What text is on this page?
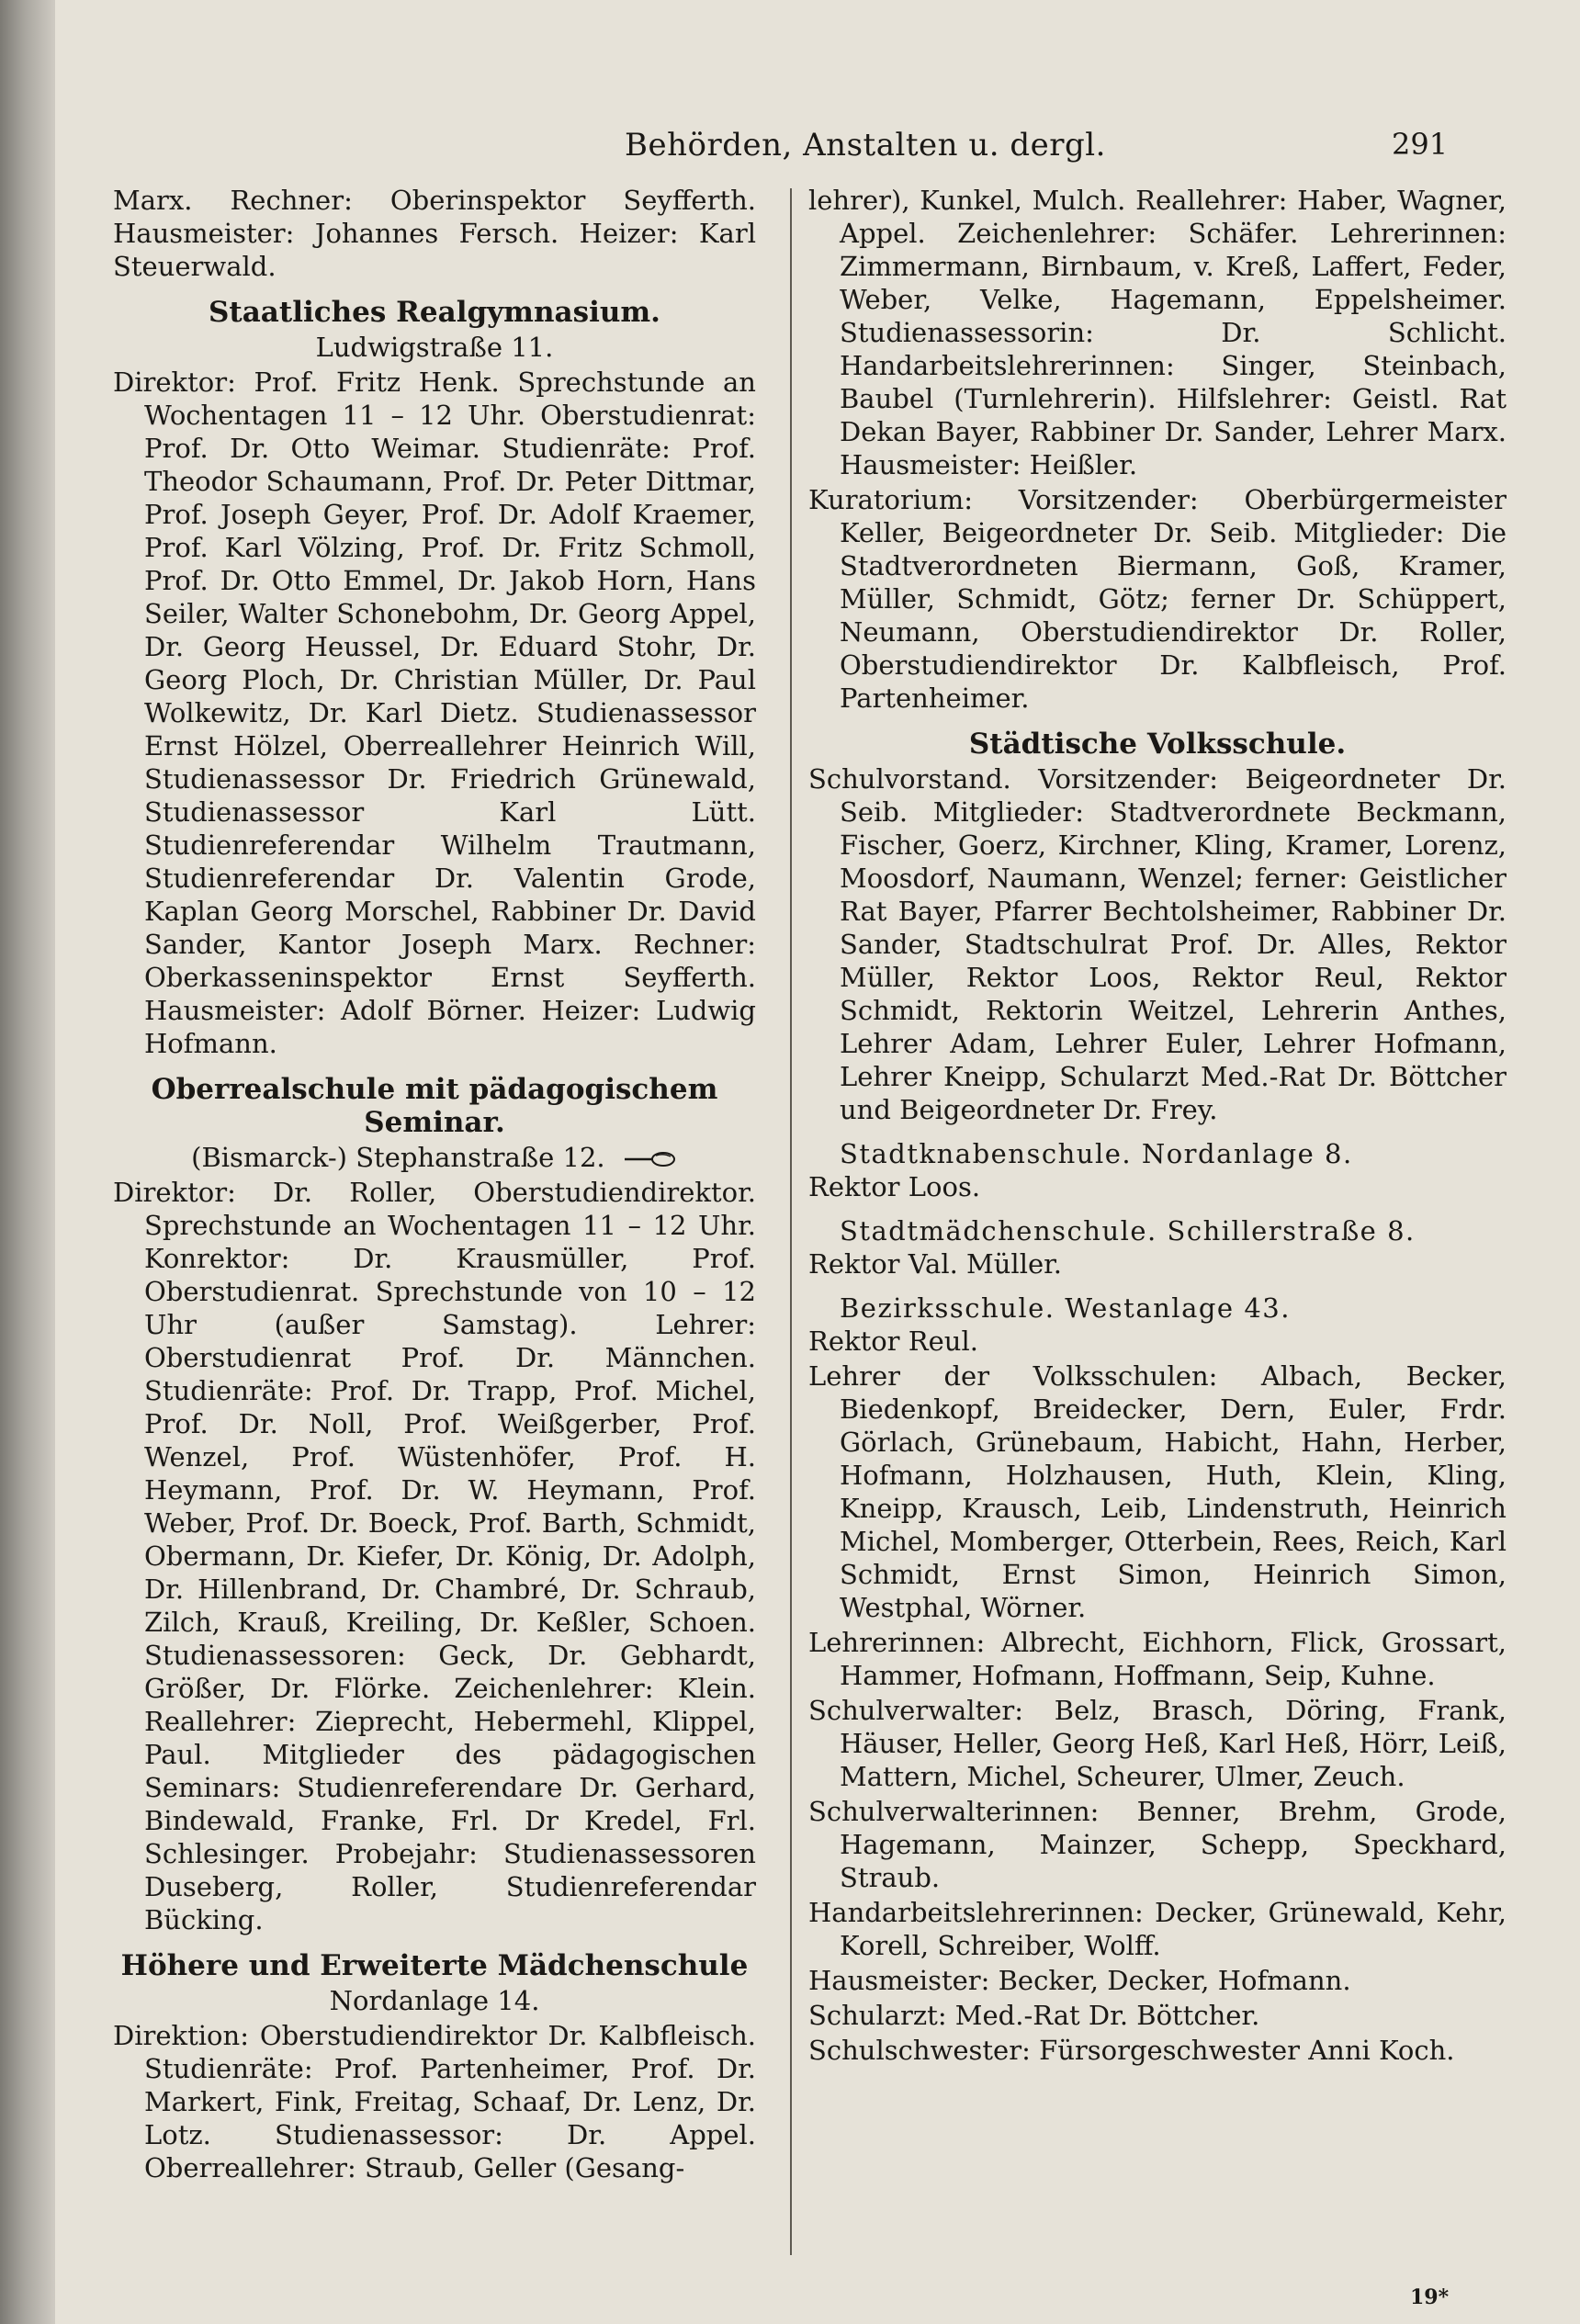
Behörden, Anstalten u. dergl.	291

Marx. Rechner: Oberinspektor Seyfferth. Hausmeister: Johannes Fersch. Heizer: Karl Steuerwald.

Staatliches Realgymnasium.
Ludwigstraße 11.

Direktor: Prof. Fritz Henk. Sprechstunde an Wochentagen 11 – 12 Uhr. Oberstudienrat: Prof. Dr. Otto Weimar. Studienräte: Prof. Theodor Schaumann, Prof. Dr. Peter Dittmar, Prof. Joseph Geyer, Prof. Dr. Adolf Kraemer, Prof. Karl Völzing, Prof. Dr. Fritz Schmoll, Prof. Dr. Otto Emmel, Dr. Jakob Horn, Hans Seiler, Walter Schonebohm, Dr. Georg Appel, Dr. Georg Heussel, Dr. Eduard Stohr, Dr. Georg Ploch, Dr. Christian Müller, Dr. Paul Wolkewitz, Dr. Karl Dietz. Studienassessor Ernst Hölzel, Oberreallehrer Heinrich Will, Studienassessor Dr. Friedrich Grünewald, Studienassessor Karl Lütt. Studienreferendar Wilhelm Trautmann, Studienreferendar Dr. Valentin Grode, Kaplan Georg Morschel, Rabbiner Dr. David Sander, Kantor Joseph Marx. Rechner: Oberkasseninspektor Ernst Seyfferth. Hausmeister: Adolf Börner. Heizer: Ludwig Hofmann.

Oberrealschule mit pädagogischem Seminar.
(Bismarck-) Stephanstraße 12.

Direktor: Dr. Roller, Oberstudiendirektor. Sprechstunde an Wochentagen 11 – 12 Uhr. Konrektor: Dr. Krausmüller, Prof. Oberstudienrat. Sprechstunde von 10 – 12 Uhr (außer Samstag). Lehrer: Oberstudienrat Prof. Dr. Männchen. Studienräte: Prof. Dr. Trapp, Prof. Michel, Prof. Dr. Noll, Prof. Weißgerber, Prof. Wenzel, Prof. Wüstenhöfer, Prof. H. Heymann, Prof. Dr. W. Heymann, Prof. Weber, Prof. Dr. Boeck, Prof. Barth, Schmidt, Obermann, Dr. Kiefer, Dr. König, Dr. Adolph, Dr. Hillenbrand, Dr. Chambré, Dr. Schraub, Zilch, Krauß, Kreiling, Dr. Keßler, Schoen. Studienassessoren: Geck, Dr. Gebhardt, Größer, Dr. Flörke. Zeichenlehrer: Klein. Reallehrer: Zieprecht, Hebermehl, Klippel, Paul. Mitglieder des pädagogischen Seminars: Studienreferendare Dr. Gerhard, Bindewald, Franke, Frl. Dr Kredel, Frl. Schlesinger. Probejahr: Studienassessoren Duseberg, Roller, Studienreferendar Bücking.

Höhere und Erweiterte Mädchenschule
Nordanlage 14.

Direktion: Oberstudiendirektor Dr. Kalbfleisch. Studienräte: Prof. Partenheimer, Prof. Dr. Markert, Fink, Freitag, Schaaf, Dr. Lenz, Dr. Lotz. Studienassessor: Dr. Appel. Oberreallehrer: Straub, Geller (Gesang-

lehrer), Kunkel, Mulch. Reallehrer: Haber, Wagner, Appel. Zeichenlehrer: Schäfer. Lehrerinnen: Zimmermann, Birnbaum, v. Kreß, Laffert, Feder, Weber, Velke, Hagemann, Eppelsheimer. Studienassessorin: Dr. Schlicht. Handarbeitslehrerinnen: Singer, Steinbach, Baubel (Turnlehrerin). Hilfslehrer: Geistl. Rat Dekan Bayer, Rabbiner Dr. Sander, Lehrer Marx. Hausmeister: Heißler.

Kuratorium: Vorsitzender: Oberbürgermeister Keller, Beigeordneter Dr. Seib. Mitglieder: Die Stadtverordneten Biermann, Goß, Kramer, Müller, Schmidt, Götz; ferner Dr. Schüppert, Neumann, Oberstudiendirektor Dr. Roller, Oberstudiendirektor Dr. Kalbfleisch, Prof. Partenheimer.

Städtische Volksschule.

Schulvorstand. Vorsitzender: Beigeordneter Dr. Seib. Mitglieder: Stadtverordnete Beckmann, Fischer, Goerz, Kirchner, Kling, Kramer, Lorenz, Moosdorf, Naumann, Wenzel; ferner: Geistlicher Rat Bayer, Pfarrer Bechtolsheimer, Rabbiner Dr. Sander, Stadtschulrat Prof. Dr. Alles, Rektor Müller, Rektor Loos, Rektor Reul, Rektor Schmidt, Rektorin Weitzel, Lehrerin Anthes, Lehrer Adam, Lehrer Euler, Lehrer Hofmann, Lehrer Kneipp, Schularzt Med.-Rat Dr. Böttcher und Beigeordneter Dr. Frey.

Stadtknabenschule. Nordanlage 8.
Rektor Loos.
Stadtmädchenschule. Schillerstraße 8.
Rektor Val. Müller.
Bezirksschule. Westanlage 43.
Rektor Reul.

Lehrer der Volksschulen: Albach, Becker, Biedenkopf, Breidecker, Dern, Euler, Frdr. Görlach, Grünebaum, Habicht, Hahn, Herber, Hofmann, Holzhausen, Huth, Klein, Kling, Kneipp, Krausch, Leib, Lindenstruth, Heinrich Michel, Momberger, Otterbein, Rees, Reich, Karl Schmidt, Ernst Simon, Heinrich Simon, Westphal, Wörner.

Lehrerinnen: Albrecht, Eichhorn, Flick, Grossart, Hammer, Hofmann, Hoffmann, Seip, Kuhne.

Schulverwalter: Belz, Brasch, Döring, Frank, Häuser, Heller, Georg Heß, Karl Heß, Hörr, Leiß, Mattern, Michel, Scheurer, Ulmer, Zeuch.

Schulverwalterinnen: Benner, Brehm, Grode, Hagemann, Mainzer, Schepp, Speckhard, Straub.

Handarbeitslehrerinnen: Decker, Grünewald, Kehr, Korell, Schreiber, Wolff.

Hausmeister: Becker, Decker, Hofmann.

Schularzt: Med.-Rat Dr. Böttcher.

Schulschwester: Fürsorgeschwester Anni Koch.

19*
